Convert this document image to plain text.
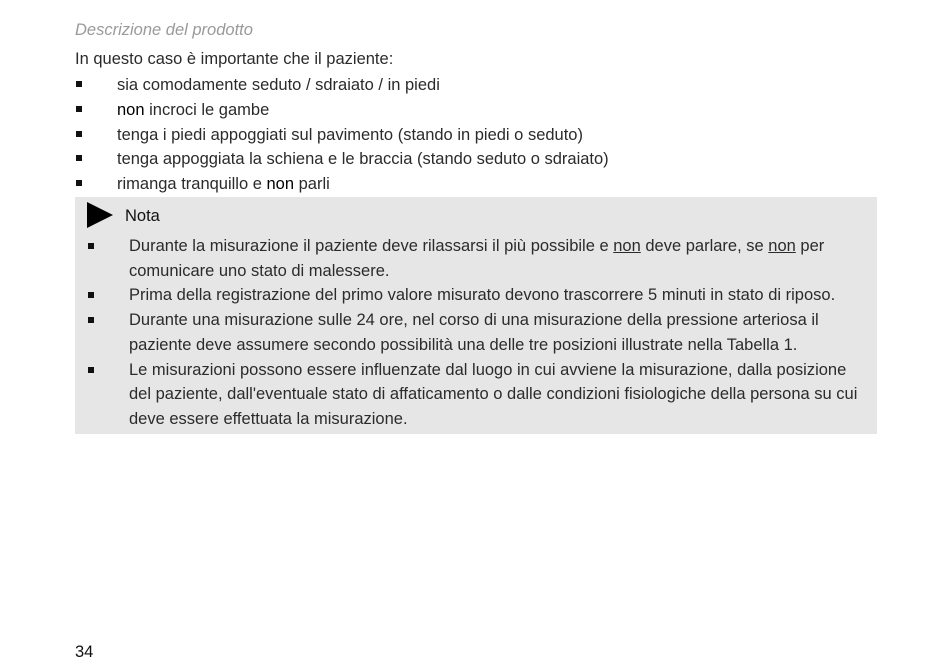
Descrizione del prodotto
In questo caso è importante che il paziente:
sia comodamente seduto / sdraiato / in piedi
non incroci le gambe
tenga i piedi appoggiati sul pavimento (stando in piedi o seduto)
tenga appoggiata la schiena e le braccia (stando seduto o sdraiato)
rimanga tranquillo e non parli
Nota
Durante la misurazione il paziente deve rilassarsi il più possibile e non deve parlare, se non per comunicare uno stato di malessere.
Prima della registrazione del primo valore misurato devono trascorrere 5 minuti in stato di riposo.
Durante una misurazione sulle 24 ore, nel corso di una misurazione della pressione arteriosa il paziente deve assumere secondo possibilità una delle tre posizioni illustrate nella Tabella 1.
Le misurazioni possono essere influenzate dal luogo in cui avviene la misurazione, dalla posizione del paziente, dall'eventuale stato di affaticamento o dalle condizioni fisiologiche della persona su cui deve essere effettuata la misurazione.
34
